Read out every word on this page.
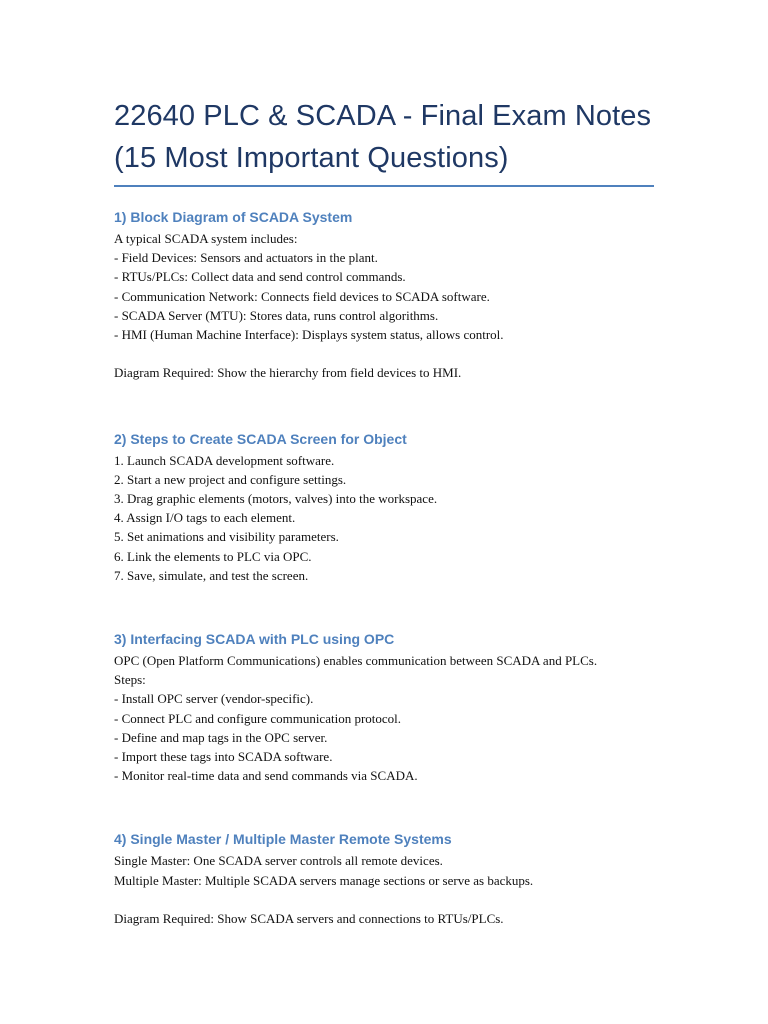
22640 PLC & SCADA - Final Exam Notes
(15 Most Important Questions)
1) Block Diagram of SCADA System

A typical SCADA system includes:

- Field Devices: Sensors and actuators in the plant.

- RTUs/PLCs: Collect data and send control commands.

- Communication Network: Connects field devices to SCADA software.

- SCADA Server (MTU): Stores data, runs control algorithms.

- HMI (Human Machine Interface): Displays system status, allows control.

Diagram Required: Show the hierarchy from field devices to HMI.

2) Steps to Create SCADA Screen for Object

1. Launch SCADA development software.

2. Start a new project and configure settings.

3. Drag graphic elements (motors, valves) into the workspace.

4. Assign I/O tags to each element.

5. Set animations and visibility parameters.

6. Link the elements to PLC via OPC.

7. Save, simulate, and test the screen.

3) Interfacing SCADA with PLC using OPC

OPC (Open Platform Communications) enables communication between SCADA and PLCs.

Steps:

- Install OPC server (vendor-specific).

- Connect PLC and configure communication protocol.

- Define and map tags in the OPC server.

- Import these tags into SCADA software.

- Monitor real-time data and send commands via SCADA.

4) Single Master / Multiple Master Remote Systems

Single Master: One SCADA server controls all remote devices.

Multiple Master: Multiple SCADA servers manage sections or serve as backups.

Diagram Required: Show SCADA servers and connections to RTUs/PLCs.
